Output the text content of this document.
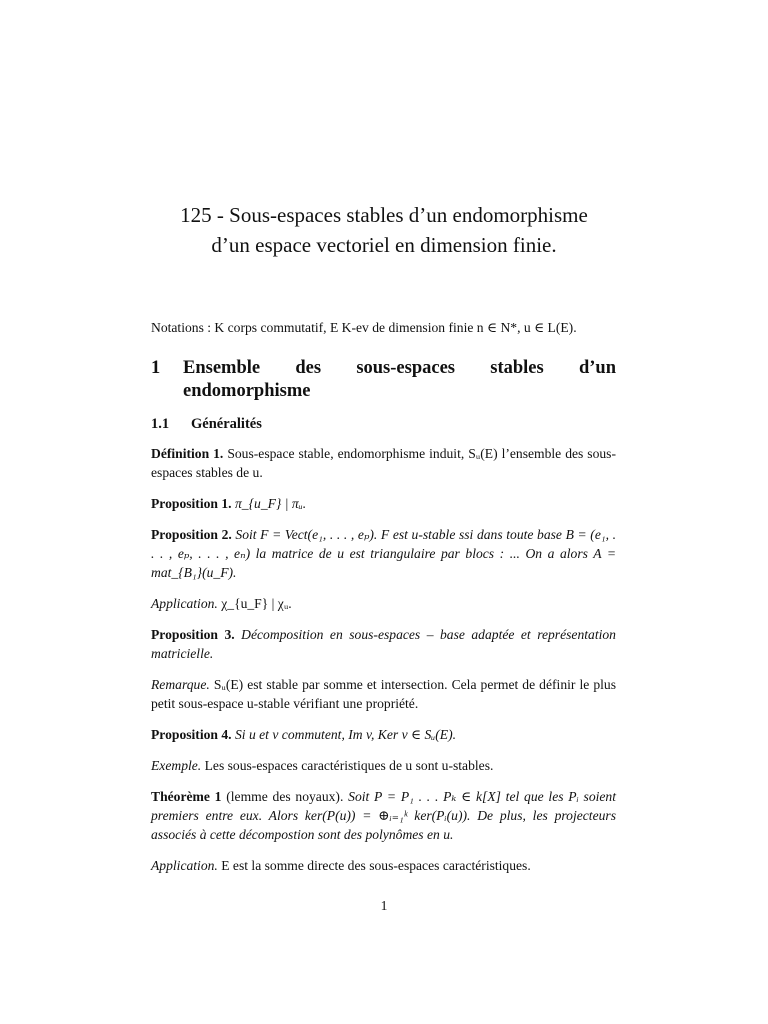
125 - Sous-espaces stables d’un endomorphisme
d’un espace vectoriel en dimension finie.

Notations : K corps commutatif, E K-ev de dimension finie n ∈ N*, u ∈ L(E).

1	Ensemble des sous-espaces stables d’un endomorphisme
1.1	Généralités

Définition 1. Sous-espace stable, endomorphisme induit, Sᵤ(E) l’ensemble des sous-espaces stables de u.

Proposition 1. π_{u_F} | πᵤ.

Proposition 2. Soit F = Vect(e₁, . . . , eₚ). F est u-stable ssi dans toute base B = (e₁, . . . , eₚ, . . . , eₙ) la matrice de u est triangulaire par blocs : ... On a alors A = mat_{B₁}(u_F).

Application. χ_{u_F} | χᵤ.

Proposition 3. Décomposition en sous-espaces – base adaptée et représentation matricielle.

Remarque. Sᵤ(E) est stable par somme et intersection. Cela permet de définir le plus petit sous-espace u-stable vérifiant une propriété.

Proposition 4. Si u et v commutent, Im v, Ker v ∈ Sᵤ(E).

Exemple. Les sous-espaces caractéristiques de u sont u-stables.

Théorème 1 (lemme des noyaux). Soit P = P₁ . . . Pₖ ∈ k[X] tel que les Pᵢ soient premiers entre eux. Alors ker(P(u)) = ⊕ᵢ₌₁ᵏ ker(Pᵢ(u)). De plus, les projecteurs associés à cette décompostion sont des polynômes en u.

Application. E est la somme directe des sous-espaces caractéristiques.

1
